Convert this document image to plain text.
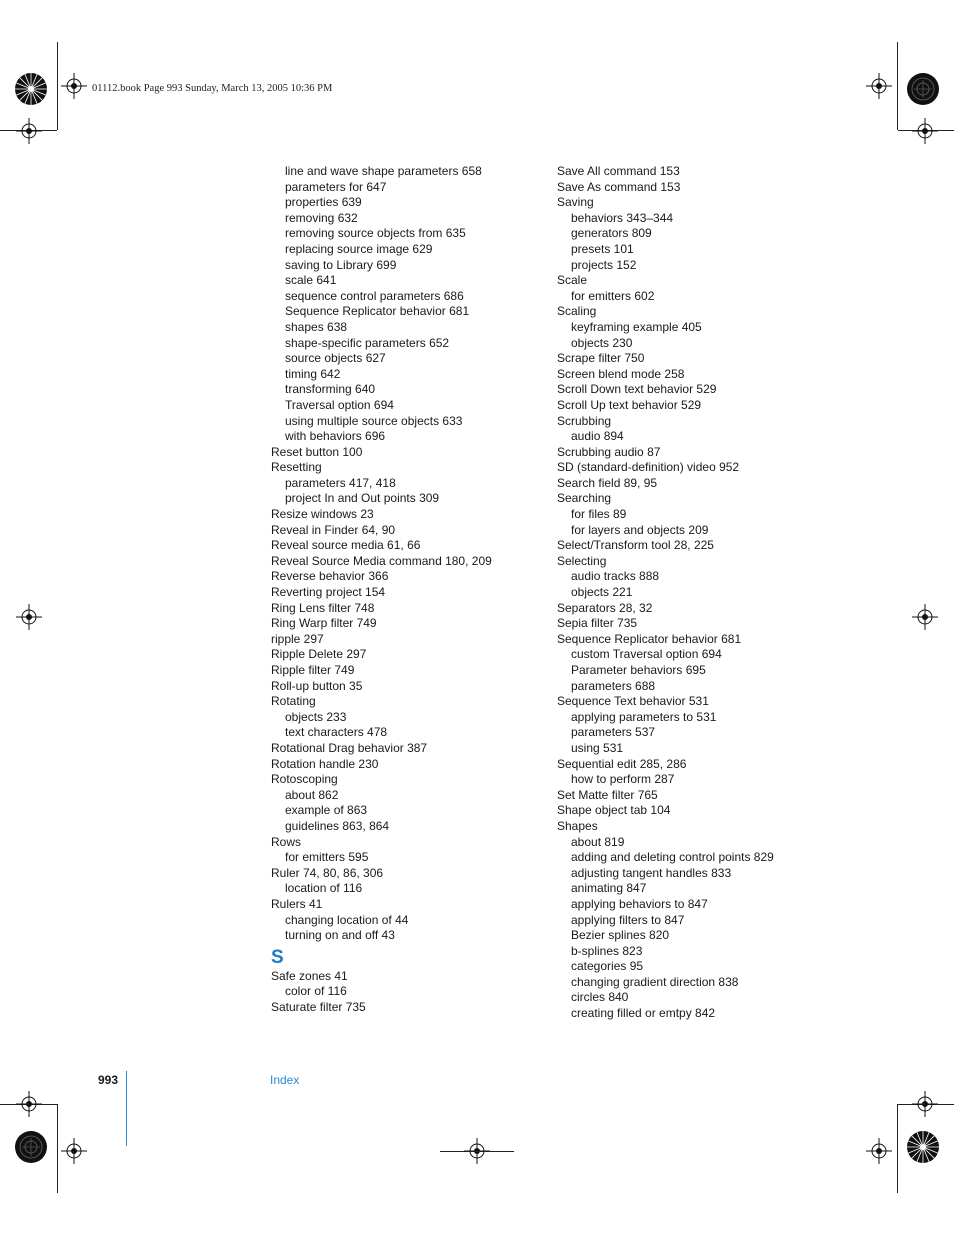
01112.book Page 993 Sunday, March 13, 2005 10:36 PM
line and wave shape parameters 658
parameters for 647
properties 639
removing 632
removing source objects from 635
replacing source image 629
saving to Library 699
scale 641
sequence control parameters 686
Sequence Replicator behavior 681
shapes 638
shape-specific parameters 652
source objects 627
timing 642
transforming 640
Traversal option 694
using multiple source objects 633
with behaviors 696
Reset button 100
Resetting
parameters 417, 418
project In and Out points 309
Resize windows 23
Reveal in Finder 64, 90
Reveal source media 61, 66
Reveal Source Media command 180, 209
Reverse behavior 366
Reverting project 154
Ring Lens filter 748
Ring Warp filter 749
ripple 297
Ripple Delete 297
Ripple filter 749
Roll-up button 35
Rotating
objects 233
text characters 478
Rotational Drag behavior 387
Rotation handle 230
Rotoscoping
about 862
example of 863
guidelines 863, 864
Rows
for emitters 595
Ruler 74, 80, 86, 306
location of 116
Rulers 41
changing location of 44
turning on and off 43
S
Safe zones 41
color of 116
Saturate filter 735
Save All command 153
Save As command 153
Saving
behaviors 343–344
generators 809
presets 101
projects 152
Scale
for emitters 602
Scaling
keyframing example 405
objects 230
Scrape filter 750
Screen blend mode 258
Scroll Down text behavior 529
Scroll Up text behavior 529
Scrubbing
audio 894
Scrubbing audio 87
SD (standard-definition) video 952
Search field 89, 95
Searching
for files 89
for layers and objects 209
Select/Transform tool 28, 225
Selecting
audio tracks 888
objects 221
Separators 28, 32
Sepia filter 735
Sequence Replicator behavior 681
custom Traversal option 694
Parameter behaviors 695
parameters 688
Sequence Text behavior 531
applying parameters to 531
parameters 537
using 531
Sequential edit 285, 286
how to perform 287
Set Matte filter 765
Shape object tab 104
Shapes
about 819
adding and deleting control points 829
adjusting tangent handles 833
animating 847
applying behaviors to 847
applying filters to 847
Bezier splines 820
b-splines 823
categories 95
changing gradient direction 838
circles 840
creating filled or emtpy 842
993	Index
